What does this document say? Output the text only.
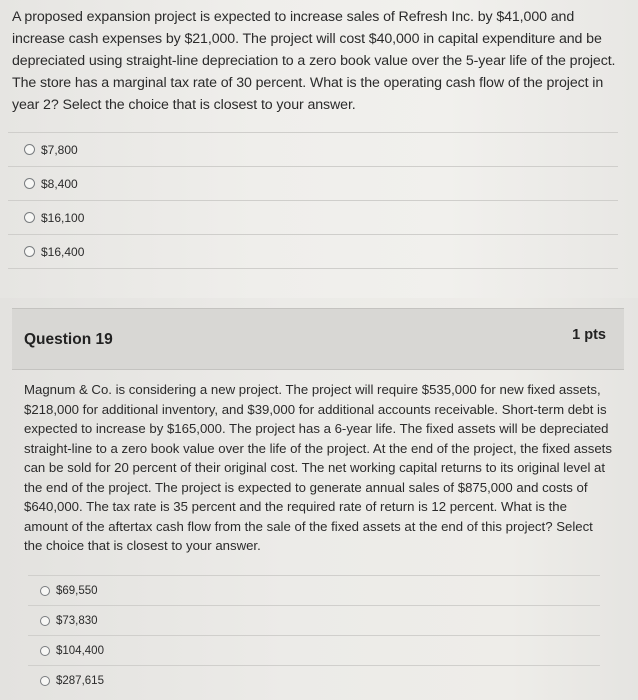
A proposed expansion project is expected to increase sales of Refresh Inc. by $41,000 and increase cash expenses by $21,000. The project will cost $40,000 in capital expenditure and be depreciated using straight-line depreciation to a zero book value over the 5-year life of the project. The store has a marginal tax rate of 30 percent. What is the operating cash flow of the project in year 2? Select the choice that is closest to your answer.

$7,800
$8,400
$16,100
$16,400
Question 19	1 pts

Magnum & Co. is considering a new project. The project will require $535,000 for new fixed assets, $218,000 for additional inventory, and $39,000 for additional accounts receivable. Short-term debt is expected to increase by $165,000. The project has a 6-year life. The fixed assets will be depreciated straight-line to a zero book value over the life of the project. At the end of the project, the fixed assets can be sold for 20 percent of their original cost. The net working capital returns to its original level at the end of the project. The project is expected to generate annual sales of $875,000 and costs of $640,000. The tax rate is 35 percent and the required rate of return is 12 percent. What is the amount of the aftertax cash flow from the sale of the fixed assets at the end of this project? Select the choice that is closest to your answer.

$69,550
$73,830
$104,400
$287,615
